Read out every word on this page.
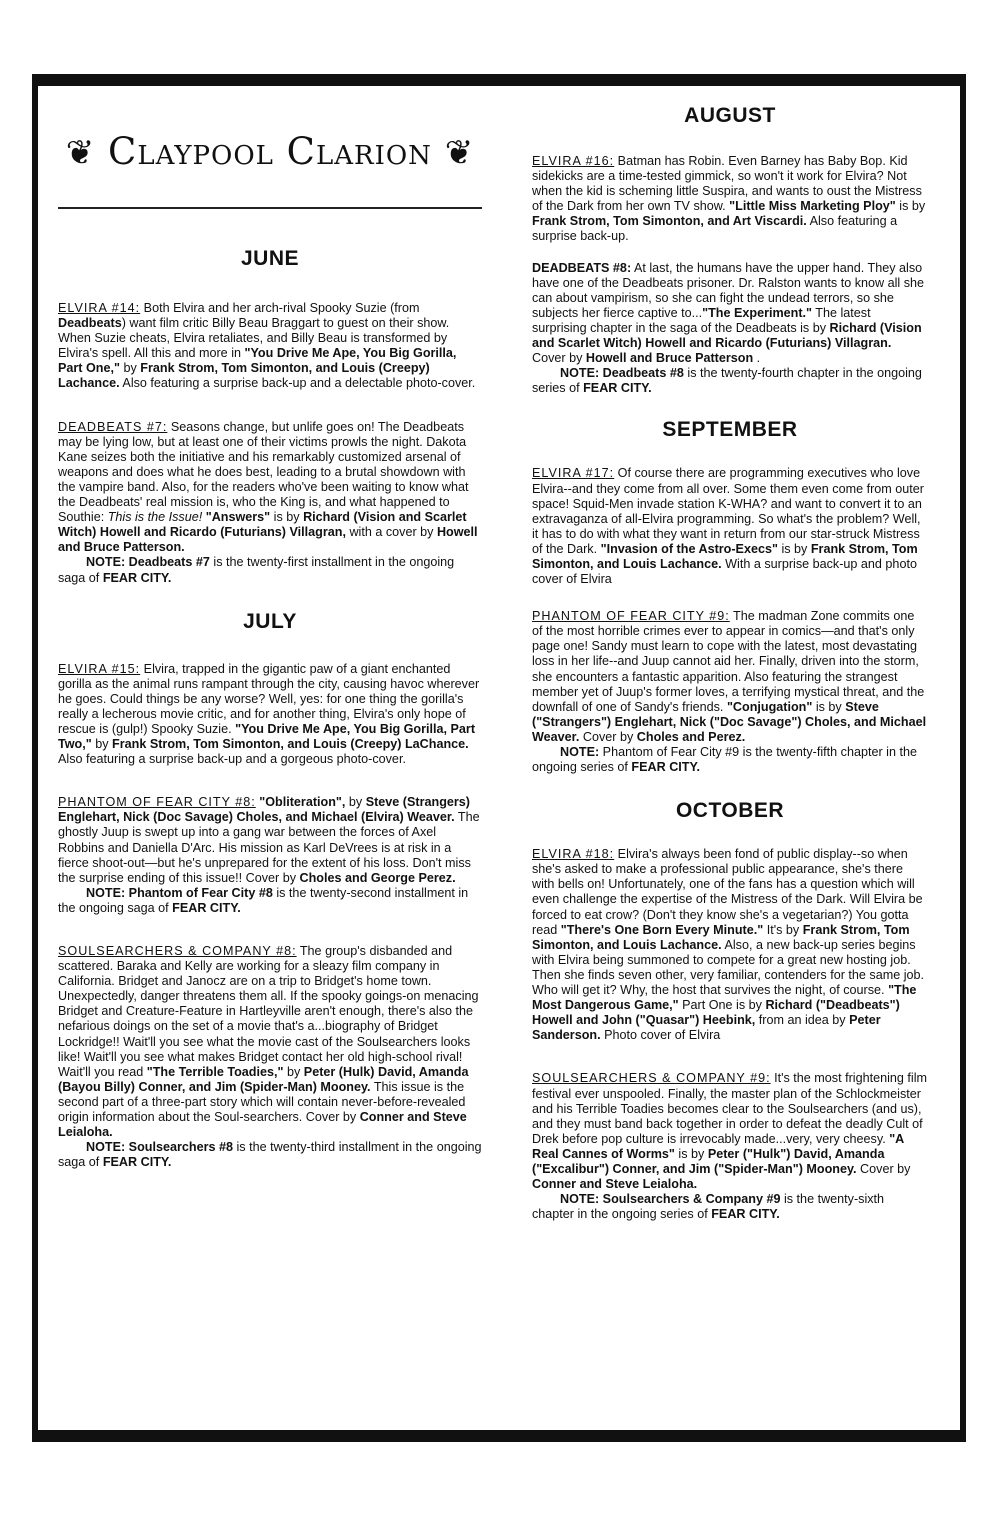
❦ Claypool Clarion ❦
JUNE

ELVIRA #14: Both Elvira and her arch-rival Spooky Suzie (from Deadbeats) want film critic Billy Beau Braggart to guest on their show. When Suzie cheats, Elvira retaliates, and Billy Beau is transformed by Elvira's spell. All this and more in "You Drive Me Ape, You Big Gorilla, Part One," by Frank Strom, Tom Simonton, and Louis (Creepy) Lachance. Also featuring a surprise back-up and a delectable photo-cover.

DEADBEATS #7: Seasons change, but unlife goes on! The Deadbeats may be lying low, but at least one of their victims prowls the night. Dakota Kane seizes both the initiative and his remarkably customized arsenal of weapons and does what he does best, leading to a brutal showdown with the vampire band. Also, for the readers who've been waiting to know what the Deadbeats' real mission is, who the King is, and what happened to Southie: This is the Issue! "Answers" is by Richard (Vision and Scarlet Witch) Howell and Ricardo (Futurians) Villagran, with a cover by Howell and Bruce Patterson.

NOTE: Deadbeats #7 is the twenty-first installment in the ongoing saga of FEAR CITY.

JULY

ELVIRA #15: Elvira, trapped in the gigantic paw of a giant enchanted gorilla as the animal runs rampant through the city, causing havoc wherever he goes. Could things be any worse? Well, yes: for one thing the gorilla's really a lecherous movie critic, and for another thing, Elvira's only hope of rescue is (gulp!) Spooky Suzie. "You Drive Me Ape, You Big Gorilla, Part Two," by Frank Strom, Tom Simonton, and Louis (Creepy) LaChance. Also featuring a surprise back-up and a gorgeous photo-cover.

PHANTOM OF FEAR CITY #8: "Obliteration", by Steve (Strangers) Englehart, Nick (Doc Savage) Choles, and Michael (Elvira) Weaver. The ghostly Juup is swept up into a gang war between the forces of Axel Robbins and Daniella D'Arc. His mission as Karl DeVrees is at risk in a fierce shoot-out—but he's unprepared for the extent of his loss. Don't miss the surprise ending of this issue!! Cover by Choles and George Perez.

NOTE: Phantom of Fear City #8 is the twenty-second installment in the ongoing saga of FEAR CITY.

SOULSEARCHERS & COMPANY #8: The group's disbanded and scattered. Baraka and Kelly are working for a sleazy film company in California. Bridget and Janocz are on a trip to Bridget's home town. Unexpectedly, danger threatens them all. If the spooky goings-on menacing Bridget and Creature-Feature in Hartleyville aren't enough, there's also the nefarious doings on the set of a movie that's a...biography of Bridget Lockridge!! Wait'll you see what the movie cast of the Soulsearchers looks like! Wait'll you see what makes Bridget contact her old high-school rival! Wait'll you read "The Terrible Toadies," by Peter (Hulk) David, Amanda (Bayou Billy) Conner, and Jim (Spider-Man) Mooney. This issue is the second part of a three-part story which will contain never-before-revealed origin information about the Soul-searchers. Cover by Conner and Steve Leialoha.

NOTE: Soulsearchers #8 is the twenty-third installment in the ongoing saga of FEAR CITY.

AUGUST

ELVIRA #16: Batman has Robin. Even Barney has Baby Bop. Kid sidekicks are a time-tested gimmick, so won't it work for Elvira? Not when the kid is scheming little Suspira, and wants to oust the Mistress of the Dark from her own TV show. "Little Miss Marketing Ploy" is by Frank Strom, Tom Simonton, and Art Viscardi. Also featuring a surprise back-up.

DEADBEATS #8: At last, the humans have the upper hand. They also have one of the Deadbeats prisoner. Dr. Ralston wants to know all she can about vampirism, so she can fight the undead terrors, so she subjects her fierce captive to..."The Experiment." The latest surprising chapter in the saga of the Deadbeats is by Richard (Vision and Scarlet Witch) Howell and Ricardo (Futurians) Villagran. Cover by Howell and Bruce Patterson .

NOTE: Deadbeats #8 is the twenty-fourth chapter in the ongoing series of FEAR CITY.

SEPTEMBER

ELVIRA #17: Of course there are programming executives who love Elvira--and they come from all over. Some them even come from outer space! Squid-Men invade station K-WHA? and want to convert it to an extravaganza of all-Elvira programming. So what's the problem? Well, it has to do with what they want in return from our star-struck Mistress of the Dark. "Invasion of the Astro-Execs" is by Frank Strom, Tom Simonton, and Louis Lachance. With a surprise back-up and photo cover of Elvira

PHANTOM OF FEAR CITY #9: The madman Zone commits one of the most horrible crimes ever to appear in comics—and that's only page one! Sandy must learn to cope with the latest, most devastating loss in her life--and Juup cannot aid her. Finally, driven into the storm, she encounters a fantastic apparition. Also featuring the strangest member yet of Juup's former loves, a terrifying mystical threat, and the downfall of one of Sandy's friends. "Conjugation" is by Steve ("Strangers") Englehart, Nick ("Doc Savage") Choles, and Michael Weaver. Cover by Choles and Perez.

NOTE: Phantom of Fear City #9 is the twenty-fifth chapter in the ongoing series of FEAR CITY.

OCTOBER

ELVIRA #18: Elvira's always been fond of public display--so when she's asked to make a professional public appearance, she's there with bells on! Unfortunately, one of the fans has a question which will even challenge the expertise of the Mistress of the Dark. Will Elvira be forced to eat crow? (Don't they know she's a vegetarian?) You gotta read "There's One Born Every Minute." It's by Frank Strom, Tom Simonton, and Louis Lachance. Also, a new back-up series begins with Elvira being summoned to compete for a great new hosting job. Then she finds seven other, very familiar, contenders for the same job. Who will get it? Why, the host that survives the night, of course. "The Most Dangerous Game," Part One is by Richard ("Deadbeats") Howell and John ("Quasar") Heebink, from an idea by Peter Sanderson. Photo cover of Elvira

SOULSEARCHERS & COMPANY #9: It's the most frightening film festival ever unspooled. Finally, the master plan of the Schlockmeister and his Terrible Toadies becomes clear to the Soulsearchers (and us), and they must band back together in order to defeat the deadly Cult of Drek before pop culture is irrevocably made...very, very cheesy. "A Real Cannes of Worms" is by Peter ("Hulk") David, Amanda ("Excalibur") Conner, and Jim ("Spider-Man") Mooney. Cover by Conner and Steve Leialoha.

NOTE: Soulsearchers & Company #9 is the twenty-sixth chapter in the ongoing series of FEAR CITY.
